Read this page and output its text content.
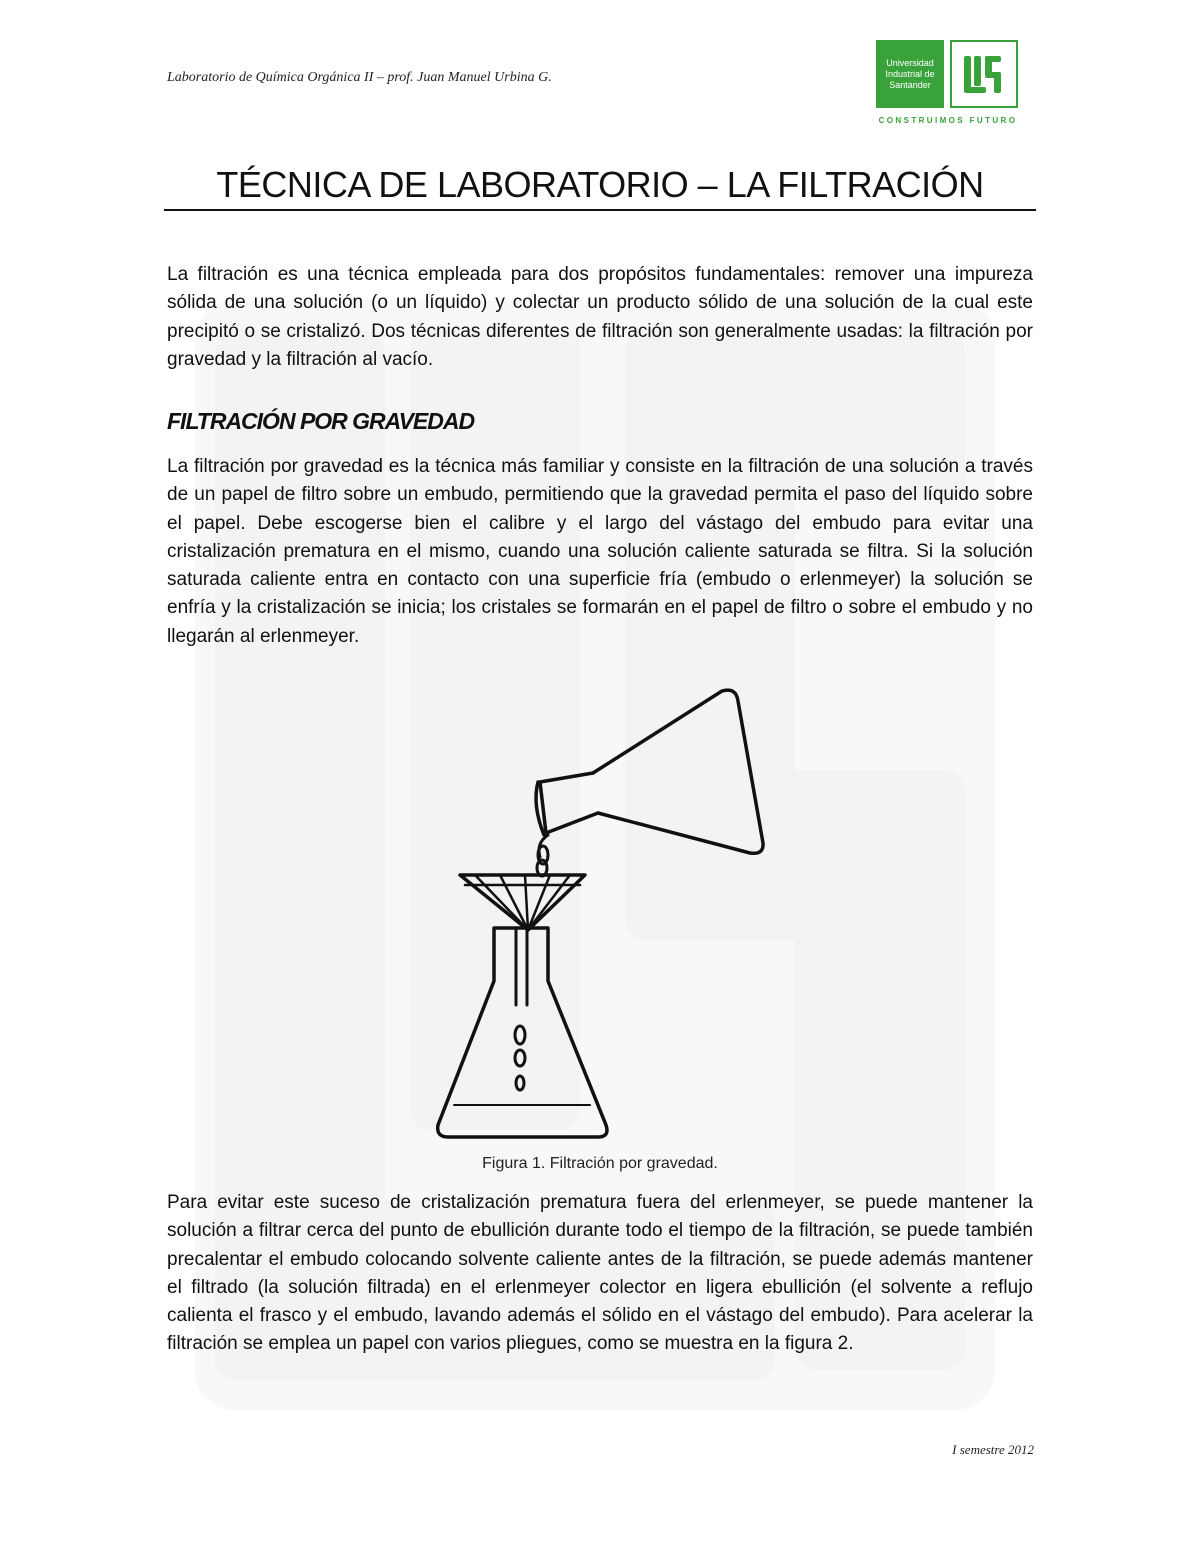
Laboratorio de Química Orgánica II – prof. Juan Manuel Urbina G.
Universidad Industrial de Santander
CONSTRUIMOS FUTURO
TÉCNICA DE LABORATORIO – LA FILTRACIÓN

La filtración es una técnica empleada para dos propósitos fundamentales: remover una impureza sólida de una solución (o un líquido) y colectar un producto sólido de una solución de la cual este precipitó o se cristalizó. Dos técnicas diferentes de filtración son generalmente usadas: la filtración por gravedad y la filtración al vacío.

FILTRACIÓN POR GRAVEDAD

La filtración por gravedad es la técnica más familiar y consiste en la filtración de una solución a través de un papel de filtro sobre un embudo, permitiendo que la gravedad permita el paso del líquido sobre el papel. Debe escogerse bien el calibre y el largo del vástago del embudo para evitar una cristalización prematura en el mismo, cuando una solución caliente saturada se filtra. Si la solución saturada caliente entra en contacto con una superficie fría (embudo o erlenmeyer) la solución se enfría y la cristalización se inicia; los cristales se formarán en el papel de filtro o sobre el embudo y no llegarán al erlenmeyer.

Figura 1. Filtración por gravedad.

Para evitar este suceso de cristalización prematura fuera del erlenmeyer, se puede mantener la solución a filtrar cerca del punto de ebullición durante todo el tiempo de la filtración, se puede también precalentar el embudo colocando solvente caliente antes de la filtración, se puede además mantener el filtrado (la solución filtrada) en el erlenmeyer colector en ligera ebullición (el solvente a reflujo calienta el frasco y el embudo, lavando además el sólido en el vástago del embudo). Para acelerar la filtración se emplea un papel con varios pliegues, como se muestra en la figura 2.

I semestre 2012
